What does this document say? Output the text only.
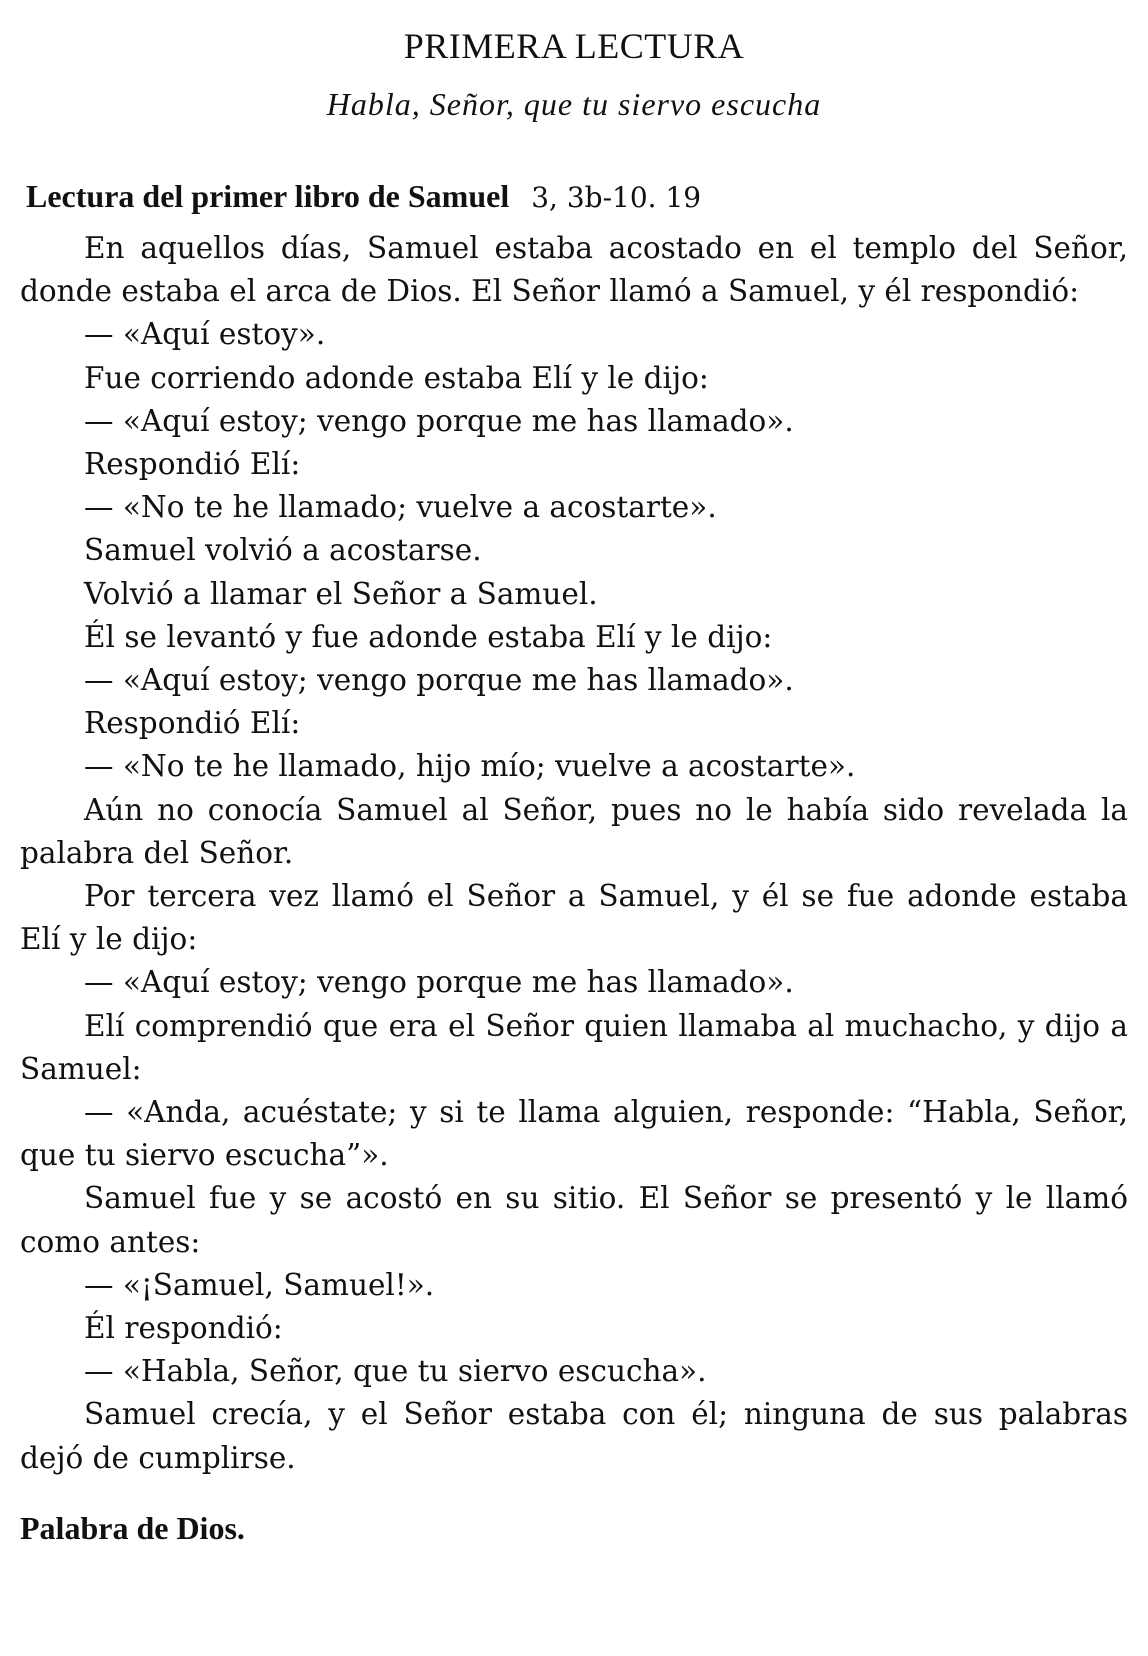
PRIMERA LECTURA
Habla, Señor, que tu siervo escucha
Lectura del primer libro de Samuel 3, 3b-10. 19

En aquellos días, Samuel estaba acostado en el templo del Señor, donde estaba el arca de Dios. El Señor llamó a Samuel, y él respondió:

— «Aquí estoy».

Fue corriendo adonde estaba Elí y le dijo:

— «Aquí estoy; vengo porque me has llamado».

Respondió Elí:

— «No te he llamado; vuelve a acostarte».

Samuel volvió a acostarse.

Volvió a llamar el Señor a Samuel.

Él se levantó y fue adonde estaba Elí y le dijo:

— «Aquí estoy; vengo porque me has llamado».

Respondió Elí:

— «No te he llamado, hijo mío; vuelve a acostarte».

Aún no conocía Samuel al Señor, pues no le había sido revelada la palabra del Señor.

Por tercera vez llamó el Señor a Samuel, y él se fue adonde estaba Elí y le dijo:

— «Aquí estoy; vengo porque me has llamado».

Elí comprendió que era el Señor quien llamaba al muchacho, y dijo a Samuel:

— «Anda, acuéstate; y si te llama alguien, responde: “Habla, Señor, que tu siervo escucha”».

Samuel fue y se acostó en su sitio. El Señor se presentó y le llamó como antes:

— «¡Samuel, Samuel!».

Él respondió:

— «Habla, Señor, que tu siervo escucha».

Samuel crecía, y el Señor estaba con él; ninguna de sus palabras dejó de cumplirse.

Palabra de Dios.
